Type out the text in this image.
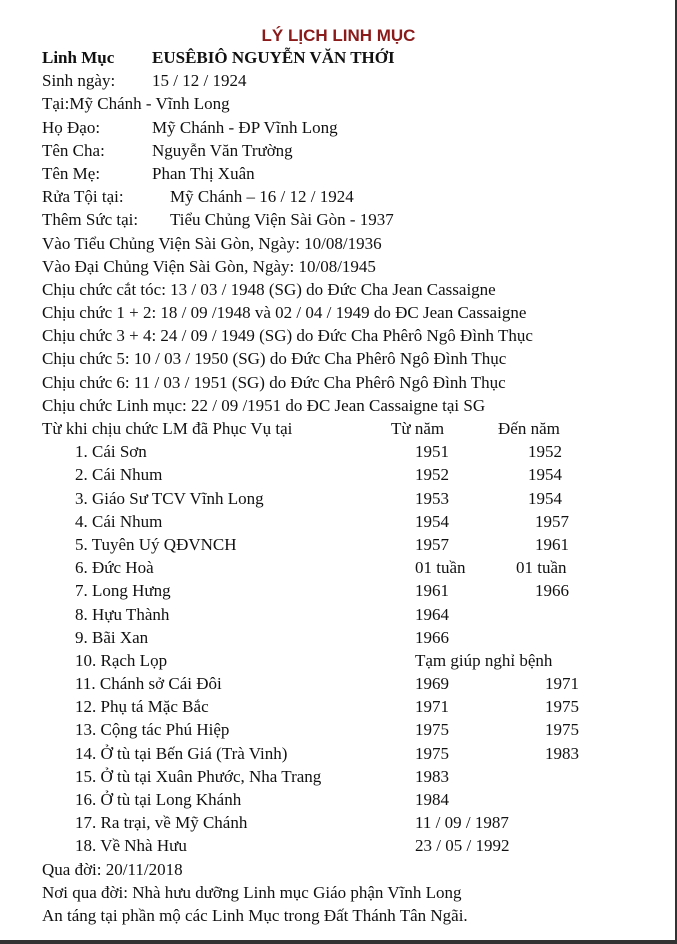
LÝ LỊCH LINH MỤC
Linh Mục EUSÊBIÔ NGUYỄN VĂN THỚI
Sinh ngày: 15 / 12 / 1924
Tại:Mỹ Chánh - Vĩnh Long
Họ Đạo:	Mỹ Chánh - ĐP Vĩnh Long
Tên Cha:	Nguyễn Văn Trường
Tên Mẹ:	Phan Thị Xuân
Rửa Tội tại:	Mỹ Chánh – 16 / 12 / 1924
Thêm Sức tại: Tiểu Chủng Viện Sài Gòn - 1937
Vào Tiểu Chủng Viện Sài Gòn, Ngày: 10/08/1936
Vào Đại Chủng Viện Sài Gòn, Ngày: 10/08/1945
Chịu chức cắt tóc: 13 / 03 / 1948 (SG) do Đức Cha Jean Cassaigne
Chịu chức 1 + 2: 18 / 09 /1948 và 02 / 04 / 1949 do ĐC Jean Cassaigne
Chịu chức 3 + 4: 24 / 09 / 1949 (SG) do Đức Cha Phêrô Ngô Đình Thục
Chịu chức 5: 10 / 03 / 1950 (SG) do Đức Cha Phêrô Ngô Đình Thục
Chịu chức 6: 11 / 03 / 1951 (SG) do Đức Cha Phêrô Ngô Đình Thục
Chịu chức Linh mục: 22 / 09 /1951 do ĐC Jean Cassaigne tại SG
Từ khi chịu chức LM đã Phục Vụ tại	Từ năm	Đến năm
1. Cái Sơn	1951	1952
2. Cái Nhum	1952	1954
3. Giáo Sư TCV Vĩnh Long	1953	1954
4. Cái Nhum	1954	1957
5. Tuyên Uý QĐVNCH	1957	1961
6. Đức Hoà	01 tuần	01 tuần
7. Long Hưng	1961	1966
8. Hựu Thành	1964
9. Bãi Xan	1966
10. Rạch Lọp	Tạm giúp nghỉ bệnh
11. Chánh sở Cái Đôi	1969	1971
12. Phụ tá Mặc Bắc	1971	1975
13. Cộng tác Phú Hiệp	1975	1975
14. Ở tù tại Bến Giá (Trà Vinh)	1975	1983
15. Ở tù tại Xuân Phước, Nha Trang	1983
16. Ở tù tại Long Khánh	1984
17. Ra trại, về Mỹ Chánh	11 / 09 / 1987
18. Về Nhà Hưu	23 / 05 / 1992
Qua đời: 20/11/2018
Nơi qua đời: Nhà hưu dưỡng Linh mục Giáo phận Vĩnh Long
An táng tại phần mộ các Linh Mục trong Đất Thánh Tân Ngãi.
